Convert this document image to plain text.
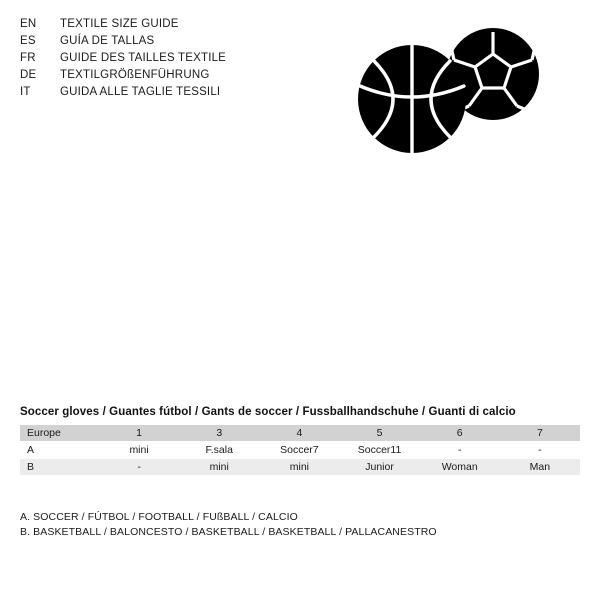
EN	TEXTILE SIZE GUIDE
ES	GUÍA DE TALLAS
FR	GUIDE DES TAILLES TEXTILE
DE	TEXTILGRÖßENFÜHRUNG
IT	GUIDA ALLE TAGLIE TESSILI
Soccer gloves / Guantes fútbol / Gants de soccer / Fussballhandschuhe / Guanti di calcio
Europe	1	3	4	5	6	7
A	mini	F.sala	Soccer7	Soccer11	-	-
B	-	mini	mini	Junior	Woman	Man
A. SOCCER / FÚTBOL / FOOTBALL / FUßBALL / CALCIO
B. BASKETBALL / BALONCESTO / BASKETBALL / BASKETBALL / PALLACANESTRO
